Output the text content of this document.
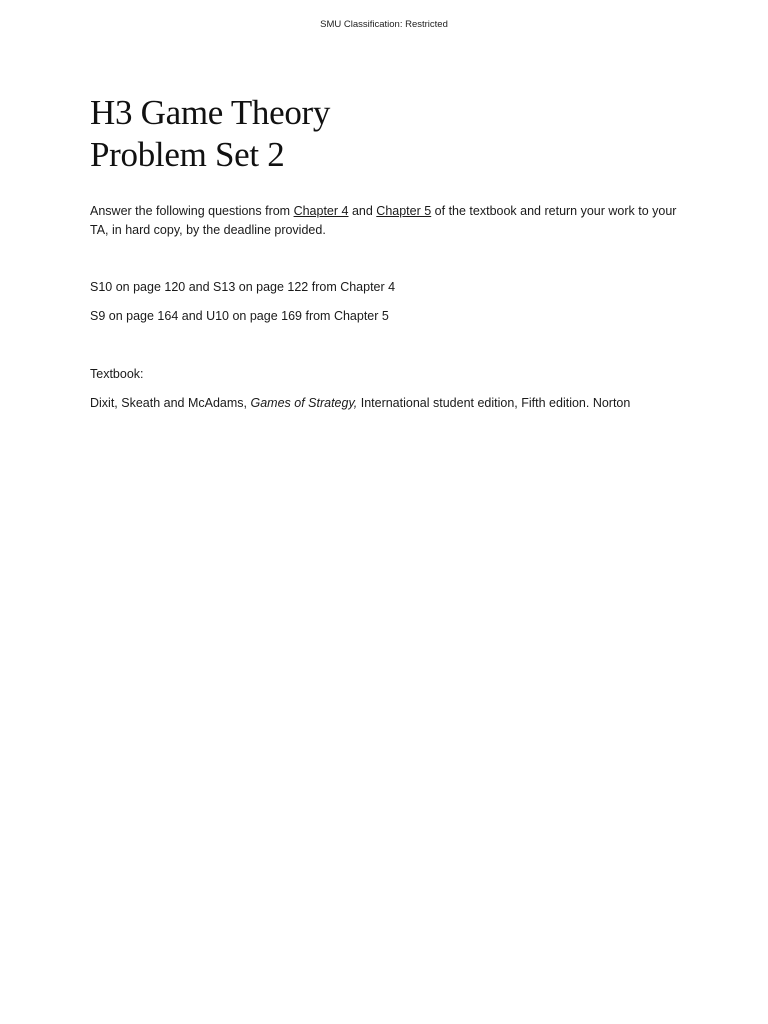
SMU Classification: Restricted
H3 Game Theory
Problem Set 2

Answer the following questions from Chapter 4 and Chapter 5 of the textbook and return your work to your TA, in hard copy, by the deadline provided.

S10 on page 120 and S13 on page 122 from Chapter 4
S9 on page 164 and U10 on page 169 from Chapter 5
Textbook:
Dixit, Skeath and McAdams, Games of Strategy, International student edition, Fifth edition. Norton
